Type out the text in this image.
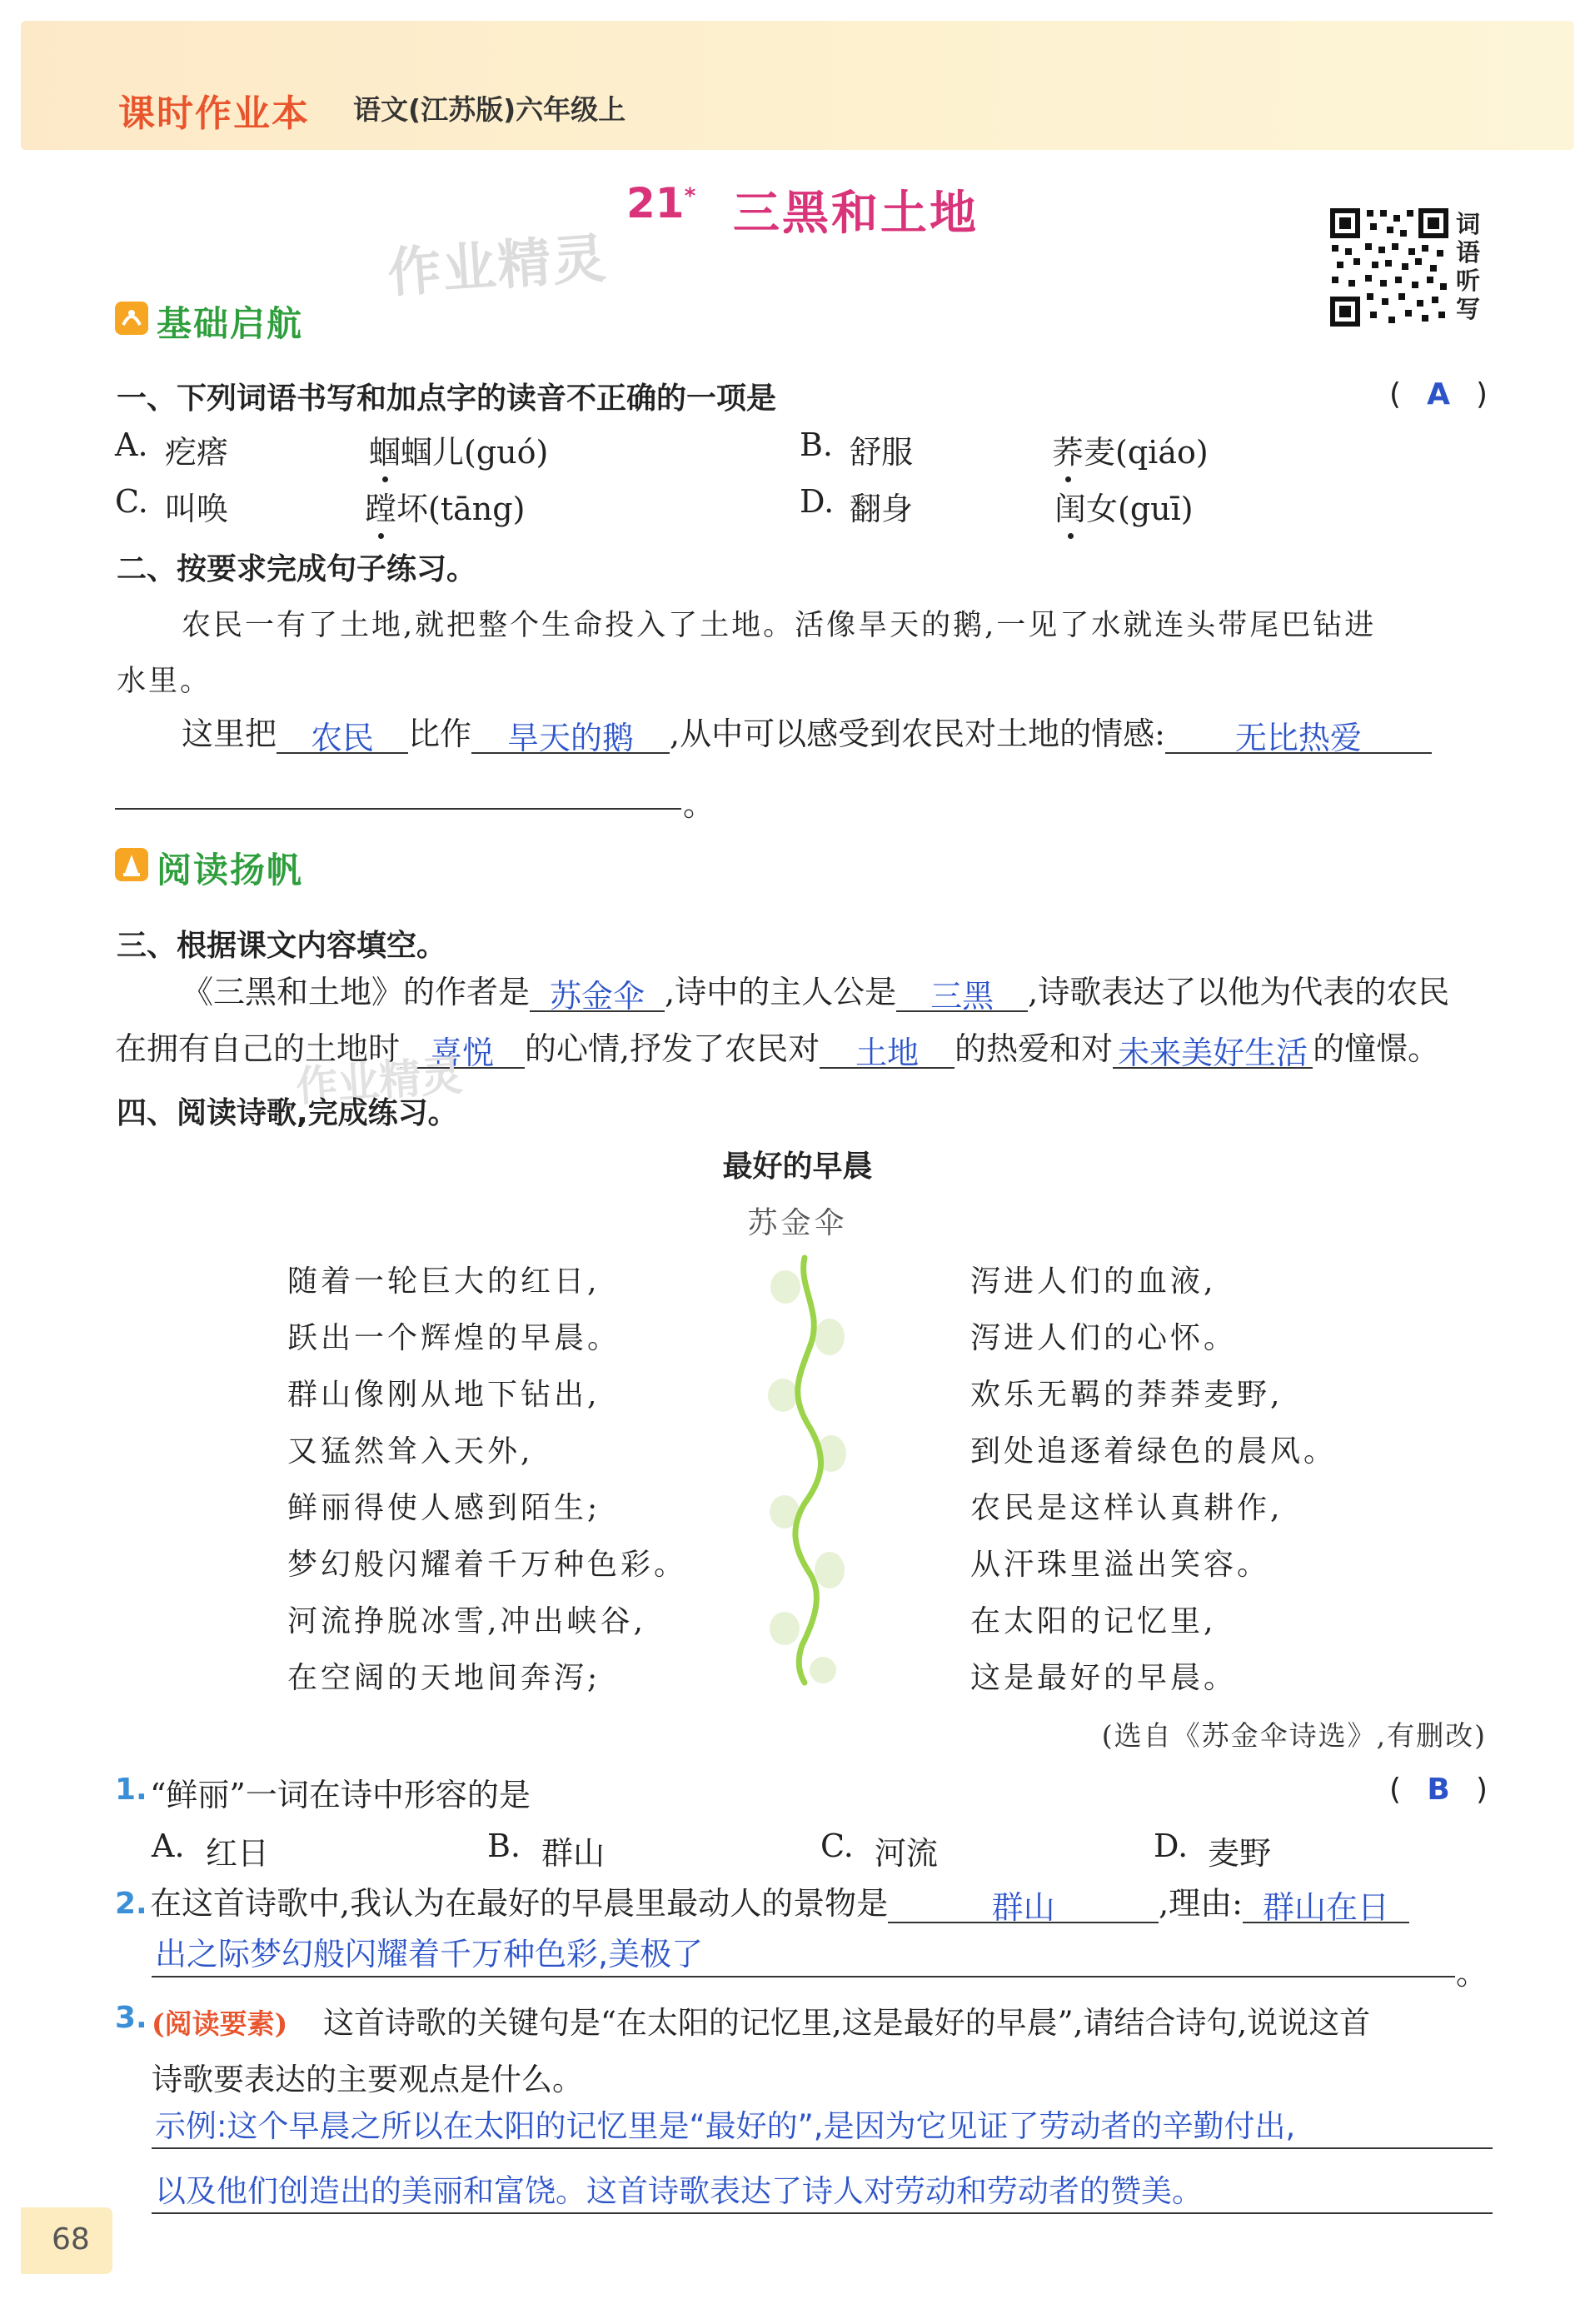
课时作业本 语文(江苏版)六年级上
21* 三黑和土地
作业精灵
词
语
听
写
基础启航
一、下列词语书写和加点字的读音不正确的一项是	( A )
A. 疙瘩	蝈蝈儿(guó)	B. 舒服	荞麦(qiáo)
C. 叫唤	蹚坏(tāng)	D. 翻身	闺女(guī)
二、按要求完成句子练习。
农民一有了土地,就把整个生命投入了土地。活像旱天的鹅,一见了水就连头带尾巴钻进
水里。
这里把 农民 比作 旱天的鹅 ,从中可以感受到农民对土地的情感: 无比热爱
。
阅读扬帆
三、根据课文内容填空。
《三黑和土地》的作者是 苏金伞 ,诗中的主人公是 三黑 ,诗歌表达了以他为代表的农民
在拥有自己的土地时 喜悦 的心情,抒发了农民对 土地 的热爱和对 未来美好生活 的憧憬。
作业精灵
四、阅读诗歌,完成练习。
最好的早晨
苏金伞
随着一轮巨大的红日,
跃出一个辉煌的早晨。
群山像刚从地下钻出,
又猛然耸入天外,
鲜丽得使人感到陌生;
梦幻般闪耀着千万种色彩。
河流挣脱冰雪,冲出峡谷,
在空阔的天地间奔泻;
泻进人们的血液,
泻进人们的心怀。
欢乐无羁的莽莽麦野,
到处追逐着绿色的晨风。
农民是这样认真耕作,
从汗珠里溢出笑容。
在太阳的记忆里,
这是最好的早晨。
(选自《苏金伞诗选》,有删改)
1. “鲜丽”一词在诗中形容的是	( B )
A. 红日	B. 群山	C. 河流	D. 麦野
2. 在这首诗歌中,我认为在最好的早晨里最动人的景物是	群山	,理由: 群山在日
出之际梦幻般闪耀着千万种色彩,美极了
。
3. (阅读要素) 这首诗歌的关键句是“在太阳的记忆里,这是最好的早晨”,请结合诗句,说说这首
诗歌要表达的主要观点是什么。
示例:这个早晨之所以在太阳的记忆里是“最好的”,是因为它见证了劳动者的辛勤付出,
以及他们创造出的美丽和富饶。这首诗歌表达了诗人对劳动和劳动者的赞美。
68
